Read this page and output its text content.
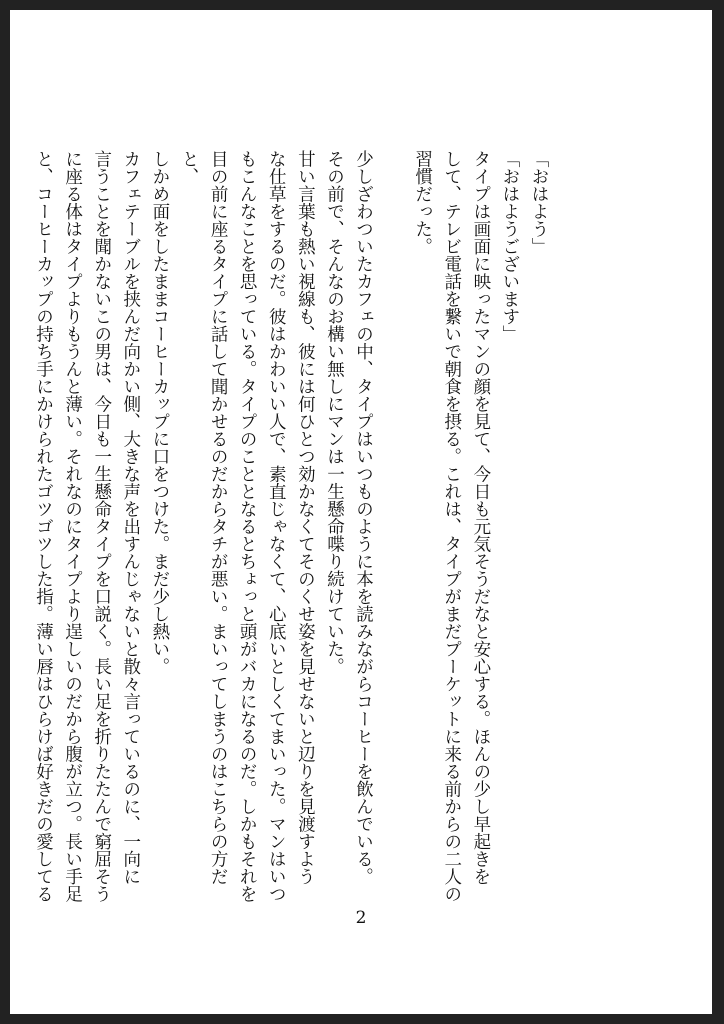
「おはよう」

「おはようございます」

タイプは画面に映ったマンの顔を見て、今日も元気そうだなと安心する。ほんの少し早起きを

して、テレビ電話を繋いで朝食を摂る。これは、タイプがまだプーケットに来る前からの二人の

習慣だった。

少しざわついたカフェの中、タイプはいつものように本を読みながらコーヒーを飲んでいる。

その前で、そんなのお構い無しにマンは一生懸命喋り続けていた。

甘い言葉も熱い視線も、彼には何ひとつ効かなくてそのくせ姿を見せないと辺りを見渡すよう

な仕草をするのだ。彼はかわいい人で、素直じゃなくて、心底いとしくてまいった。マンはいつ

もこんなことを思っている。タイプのこととなるとちょっと頭がバカになるのだ。しかもそれを

目の前に座るタイプに話して聞かせるのだからタチが悪い。まいってしまうのはこちらの方だと、

しかめ面をしたままコーヒーカップに口をつけた。まだ少し熱い。

カフェテーブルを挟んだ向かい側、大きな声を出すんじゃないと散々言っているのに、一向に

言うことを聞かないこの男は、今日も一生懸命タイプを口説く。長い足を折りたたんで窮屈そう

に座る体はタイプよりもうんと薄い。それなのにタイプより逞しいのだから腹が立つ。長い手足

と、コーヒーカップの持ち手にかけられたゴツゴツした指。薄い唇はひらけば好きだの愛してる

2
